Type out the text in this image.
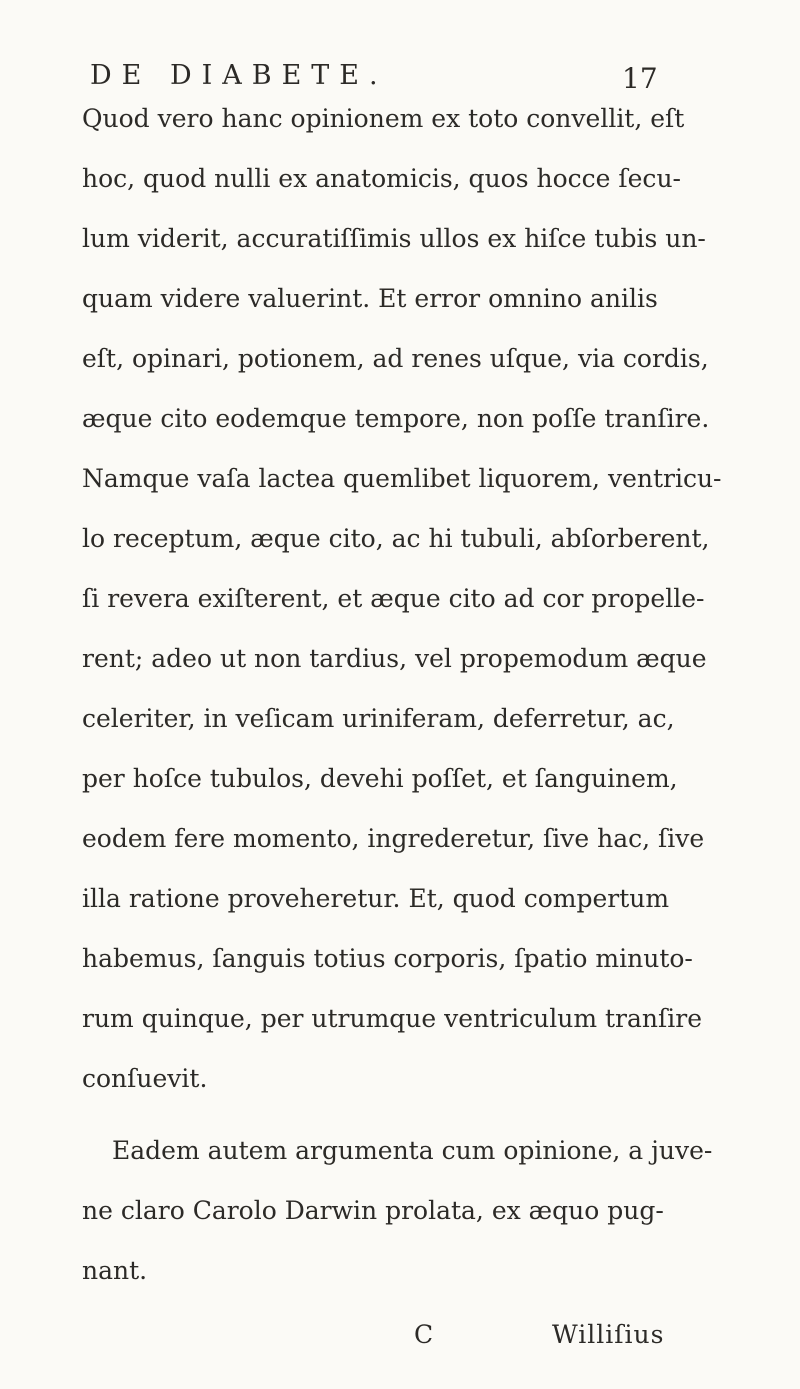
DE DIABETE.	17
Quod vero hanc opinionem ex toto convellit, eſt
hoc, quod nulli ex anatomicis, quos hocce ſecu-
lum viderit, accuratiſſimis ullos ex hiſce tubis un-
quam videre valuerint. Et error omnino anilis
eſt, opinari, potionem, ad renes uſque, via cordis,
æque cito eodemque tempore, non poſſe tranſire.
Namque vaſa lactea quemlibet liquorem, ventricu-
lo receptum, æque cito, ac hi tubuli, abſorberent,
ſi revera exiſterent, et æque cito ad cor propelle-
rent; adeo ut non tardius, vel propemodum æque
celeriter, in veſicam uriniferam, deferretur, ac,
per hoſce tubulos, devehi poſſet, et ſanguinem,
eodem fere momento, ingrederetur, ſive hac, ſive
illa ratione proveheretur. Et, quod compertum
habemus, ſanguis totius corporis, ſpatio minuto-
rum quinque, per utrumque ventriculum tranſire
conſuevit.
Eadem autem argumenta cum opinione, a juve-
ne claro Carolo Darwin prolata, ex æquo pug-
nant.
C	Williſius
